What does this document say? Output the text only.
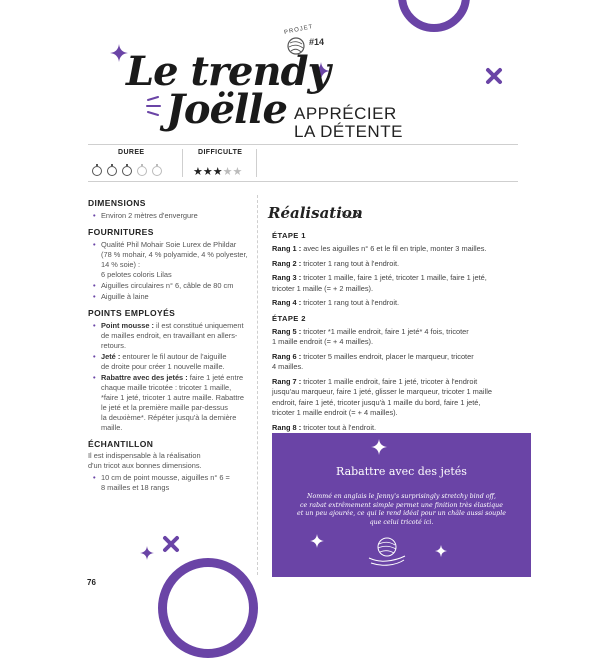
PROJET
#14
Le trendy
Joëlle APPRÉCIER
LA DÉTENTE
DUREE	DIFFICULTE
★★★★★
DIMENSIONS
• Environ 2 mètres d'envergure
FOURNITURES
• Qualité Phil Mohair Soie Lurex de Phildar
(78 % mohair, 4 % polyamide, 4 % polyester,
14 % soie) :
6 pelotes coloris Lilas
• Aiguilles circulaires n° 6, câble de 80 cm
• Aiguille à laine
POINTS EMPLOYÉS
• Point mousse : il est constitué uniquement
de mailles endroit, en travaillant en allers-
retours.
• Jeté : entourer le fil autour de l'aiguille
de droite pour créer 1 nouvelle maille.
• Rabattre avec des jetés : faire 1 jeté entre
chaque maille tricotée : tricoter 1 maille,
*faire 1 jeté, tricoter 1 autre maille. Rabattre
le jeté et la première maille par-dessus
la deuxième*. Répéter jusqu'à la dernière
maille.
ÉCHANTILLON
Il est indispensable à la réalisation
d'un tricot aux bonnes dimensions.
• 10 cm de point mousse, aiguilles n° 6 =
8 mailles et 18 rangs
Réalisation
ÉTAPE 1
Rang 1 : avec les aiguilles n° 6 et le fil en triple, monter 3 mailles.
Rang 2 : tricoter 1 rang tout à l'endroit.
Rang 3 : tricoter 1 maille, faire 1 jeté, tricoter 1 maille, faire 1 jeté,
tricoter 1 maille (= + 2 mailles).
Rang 4 : tricoter 1 rang tout à l'endroit.
ÉTAPE 2
Rang 5 : tricoter *1 maille endroit, faire 1 jeté* 4 fois, tricoter
1 maille endroit (= + 4 mailles).
Rang 6 : tricoter 5 mailles endroit, placer le marqueur, tricoter
4 mailles.
Rang 7 : tricoter 1 maille endroit, faire 1 jeté, tricoter à l'endroit
jusqu'au marqueur, faire 1 jeté, glisser le marqueur, tricoter 1 maille
endroit, faire 1 jeté, tricoter jusqu'à 1 maille du bord, faire 1 jeté,
tricoter 1 maille endroit (= + 4 mailles).
Rang 8 : tricoter tout à l'endroit.
Rabattre avec des jetés
Nommé en anglais le Jenny's surprisingly stretchy bind off,
ce rabat extrêmement simple permet une finition très élastique
et un peu ajourée, ce qui le rend idéal pour un châle aussi souple
que celui tricoté ici.
76
